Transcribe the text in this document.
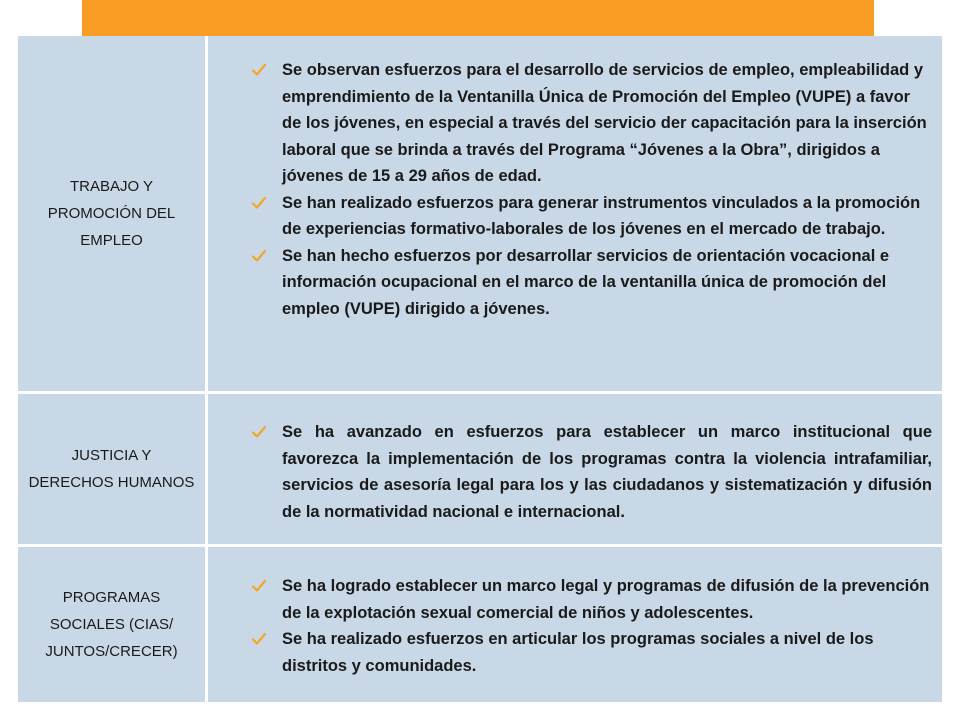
TRABAJO Y PROMOCIÓN DEL EMPLEO
Se observan esfuerzos para el desarrollo de servicios de empleo, empleabilidad y emprendimiento de la Ventanilla Única de Promoción del Empleo (VUPE) a favor de los jóvenes, en especial a través del servicio der capacitación para la inserción laboral que se brinda a través del Programa “Jóvenes a la Obra”, dirigidos a jóvenes de 15 a 29 años de edad.
Se han realizado esfuerzos para generar instrumentos vinculados a la promoción de experiencias formativo-laborales de los jóvenes en el mercado de trabajo.
Se han hecho esfuerzos por desarrollar servicios de orientación vocacional e información ocupacional en el marco de la ventanilla única de promoción del empleo (VUPE) dirigido a jóvenes.
JUSTICIA Y DERECHOS HUMANOS
Se ha avanzado en esfuerzos para establecer un marco institucional que favorezca la implementación de los programas contra la violencia intrafamiliar, servicios de asesoría legal para los y las ciudadanos y sistematización y difusión de la normatividad nacional e internacional.
PROGRAMAS SOCIALES (CIAS/ JUNTOS/CRECER)
Se ha logrado establecer un marco legal y programas de difusión de la prevención de la explotación sexual comercial de niños y adolescentes.
Se ha realizado esfuerzos en articular los programas sociales a nivel de los distritos y comunidades.
